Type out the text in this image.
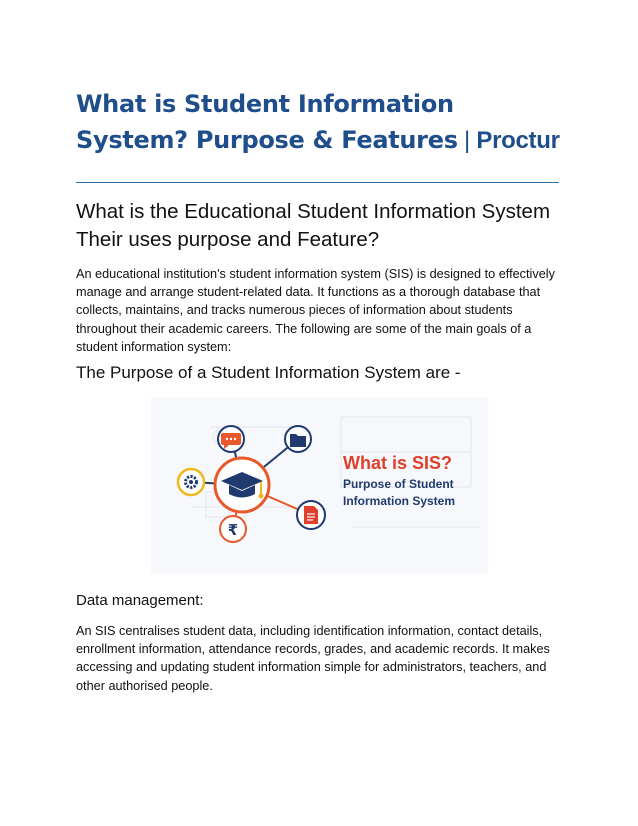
What is Student Information
System? Purpose & Features | Proctur
What is the Educational Student Information System Their uses purpose and Feature?

An educational institution's student information system (SIS) is designed to effectively manage and arrange student-related data. It functions as a thorough database that collects, maintains, and tracks numerous pieces of information about students throughout their academic careers. The following are some of the main goals of a student information system:

The Purpose of a Student Information System are -
₹
What is SIS?
Purpose of Student
Information System
Data management:

An SIS centralises student data, including identification information, contact details, enrollment information, attendance records, grades, and academic records. It makes accessing and updating student information simple for administrators, teachers, and other authorised people.
